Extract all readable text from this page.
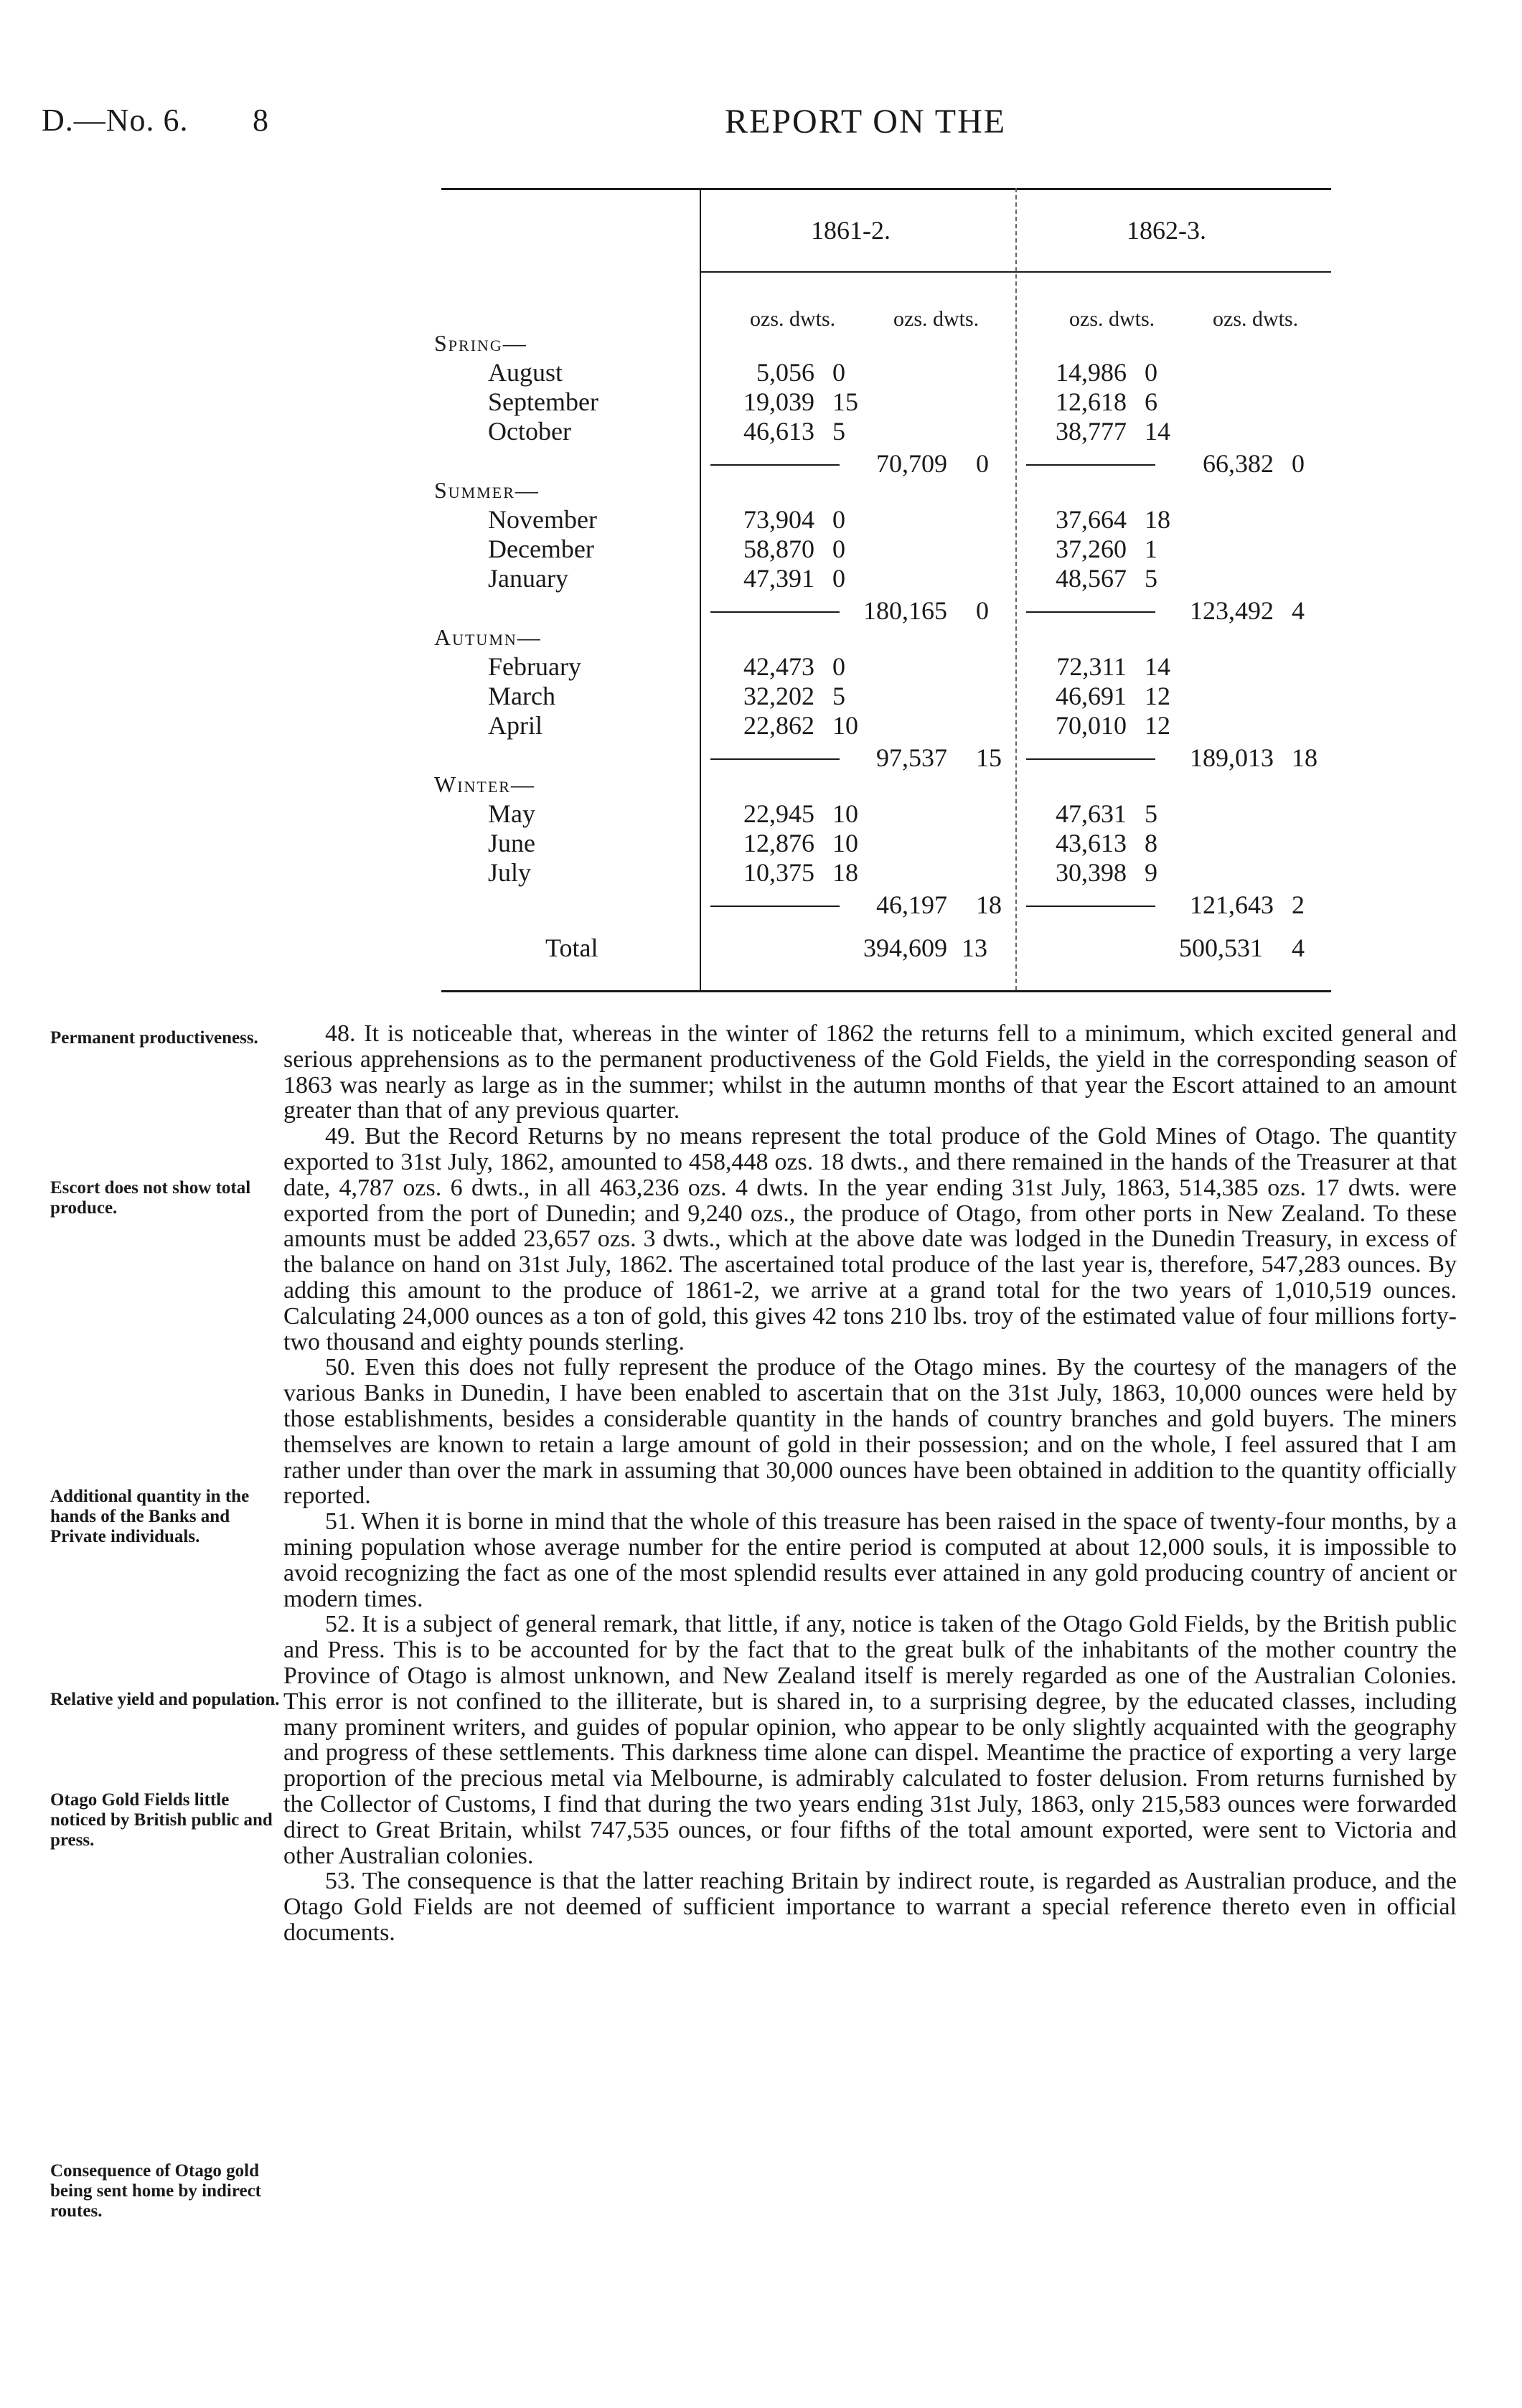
D.—No. 6. 8	REPORT ON THE
1861-2.	1862-3.
ozs. dwts.	ozs. dwts.	ozs. dwts.	ozs. dwts.
Spring—
August	5,056 0	14,986 0
September	19,039 15	12,618 6
October	46,613 5	38,777 14
70,709 0	66,382 0
Summer—
November	73,904 0	37,664 18
December	58,870 0	37,260 1
January	47,391 0	48,567 5
180,165 0	123,492 4
Autumn—
February	42,473 0	72,311 14
March	32,202 5	46,691 12
April	22,862 10	70,010 12
97,537 15	189,013 18
Winter—
May	22,945 10	47,631 5
June	12,876 10	43,613 8
July	10,375 18	30,398 9
46,197 18	121,643 2
Total	394,609 13	500,531 4
Permanent productiveness.
Escort does not show total produce.
Additional quantity in the hands of the Banks and Private individuals.
Relative yield and population.
Otago Gold Fields little noticed by British public and press.
Consequence of Otago gold being sent home by indirect routes.

48. It is noticeable that, whereas in the winter of 1862 the returns fell to a minimum, which excited general and serious apprehensions as to the permanent productiveness of the Gold Fields, the yield in the corresponding season of 1863 was nearly as large as in the summer; whilst in the autumn months of that year the Escort attained to an amount greater than that of any previous quarter.

49. But the Record Returns by no means represent the total produce of the Gold Mines of Otago. The quantity exported to 31st July, 1862, amounted to 458,448 ozs. 18 dwts., and there remained in the hands of the Treasurer at that date, 4,787 ozs. 6 dwts., in all 463,236 ozs. 4 dwts. In the year ending 31st July, 1863, 514,385 ozs. 17 dwts. were exported from the port of Dunedin; and 9,240 ozs., the produce of Otago, from other ports in New Zealand. To these amounts must be added 23,657 ozs. 3 dwts., which at the above date was lodged in the Dunedin Treasury, in excess of the balance on hand on 31st July, 1862. The ascertained total produce of the last year is, therefore, 547,283 ounces. By adding this amount to the produce of 1861-2, we arrive at a grand total for the two years of 1,010,519 ounces. Calculating 24,000 ounces as a ton of gold, this gives 42 tons 210 lbs. troy of the estimated value of four millions forty-two thousand and eighty pounds sterling.

50. Even this does not fully represent the produce of the Otago mines. By the courtesy of the managers of the various Banks in Dunedin, I have been enabled to ascertain that on the 31st July, 1863, 10,000 ounces were held by those establishments, besides a considerable quantity in the hands of country branches and gold buyers. The miners themselves are known to retain a large amount of gold in their possession; and on the whole, I feel assured that I am rather under than over the mark in assuming that 30,000 ounces have been obtained in addition to the quantity officially reported.

51. When it is borne in mind that the whole of this treasure has been raised in the space of twenty-four months, by a mining population whose average number for the entire period is computed at about 12,000 souls, it is impossible to avoid recognizing the fact as one of the most splendid results ever attained in any gold producing country of ancient or modern times.

52. It is a subject of general remark, that little, if any, notice is taken of the Otago Gold Fields, by the British public and Press. This is to be accounted for by the fact that to the great bulk of the inhabitants of the mother country the Province of Otago is almost unknown, and New Zealand itself is merely regarded as one of the Australian Colonies. This error is not confined to the illiterate, but is shared in, to a surprising degree, by the educated classes, including many prominent writers, and guides of popular opinion, who appear to be only slightly acquainted with the geography and progress of these settlements. This darkness time alone can dispel. Meantime the practice of exporting a very large proportion of the precious metal via Melbourne, is admirably calculated to foster delusion. From returns furnished by the Collector of Customs, I find that during the two years ending 31st July, 1863, only 215,583 ounces were forwarded direct to Great Britain, whilst 747,535 ounces, or four fifths of the total amount exported, were sent to Victoria and other Australian colonies.

53. The consequence is that the latter reaching Britain by indirect route, is regarded as Australian produce, and the Otago Gold Fields are not deemed of sufficient importance to warrant a special reference thereto even in official documents.
